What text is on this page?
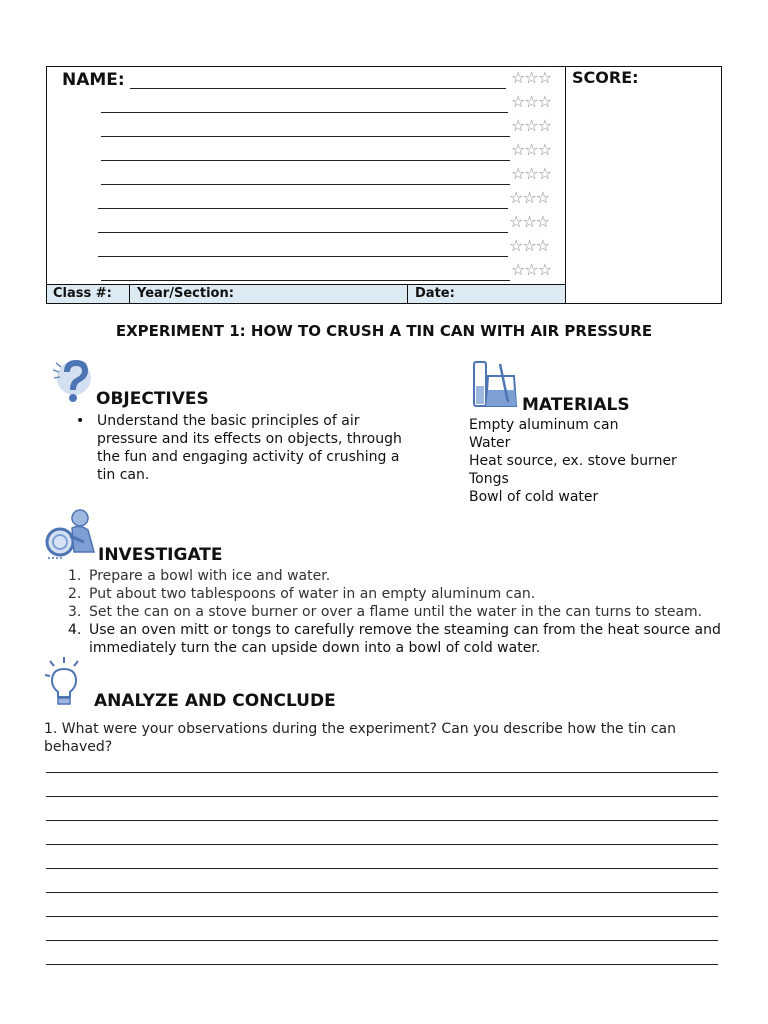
NAME:	SCORE:
☆☆☆
☆☆☆
☆☆☆
☆☆☆
☆☆☆
☆☆☆
☆☆☆
☆☆☆
☆☆☆
Class #:	Year/Section:	Date:
EXPERIMENT 1: HOW TO CRUSH A TIN CAN WITH AIR PRESSURE
OBJECTIVES
• Understand the basic principles of air pressure and its effects on objects, through the fun and engaging activity of crushing a tin can.
MATERIALS
Empty aluminum can
Water
Heat source, ex. stove burner
Tongs
Bowl of cold water
INVESTIGATE
1. Prepare a bowl with ice and water.
2. Put about two tablespoons of water in an empty aluminum can.
3. Set the can on a stove burner or over a flame until the water in the can turns to steam.
4. Use an oven mitt or tongs to carefully remove the steaming can from the heat source and immediately turn the can upside down into a bowl of cold water.
ANALYZE AND CONCLUDE
1. What were your observations during the experiment? Can you describe how the tin can behaved?
